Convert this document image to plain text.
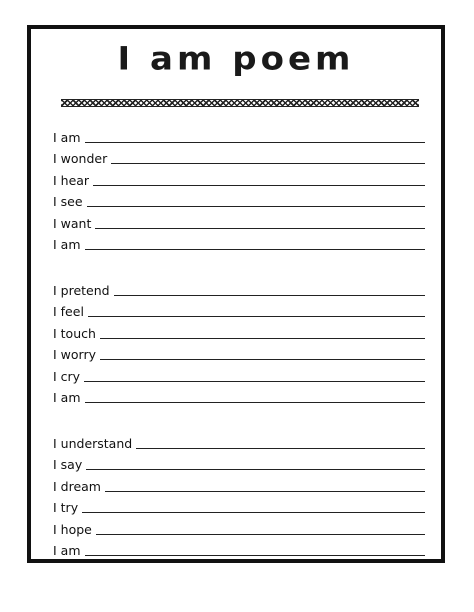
I am poem
I am
I wonder
I hear
I see
I want
I am
I pretend
I feel
I touch
I worry
I cry
I am
I understand
I say
I dream
I try
I hope
I am
